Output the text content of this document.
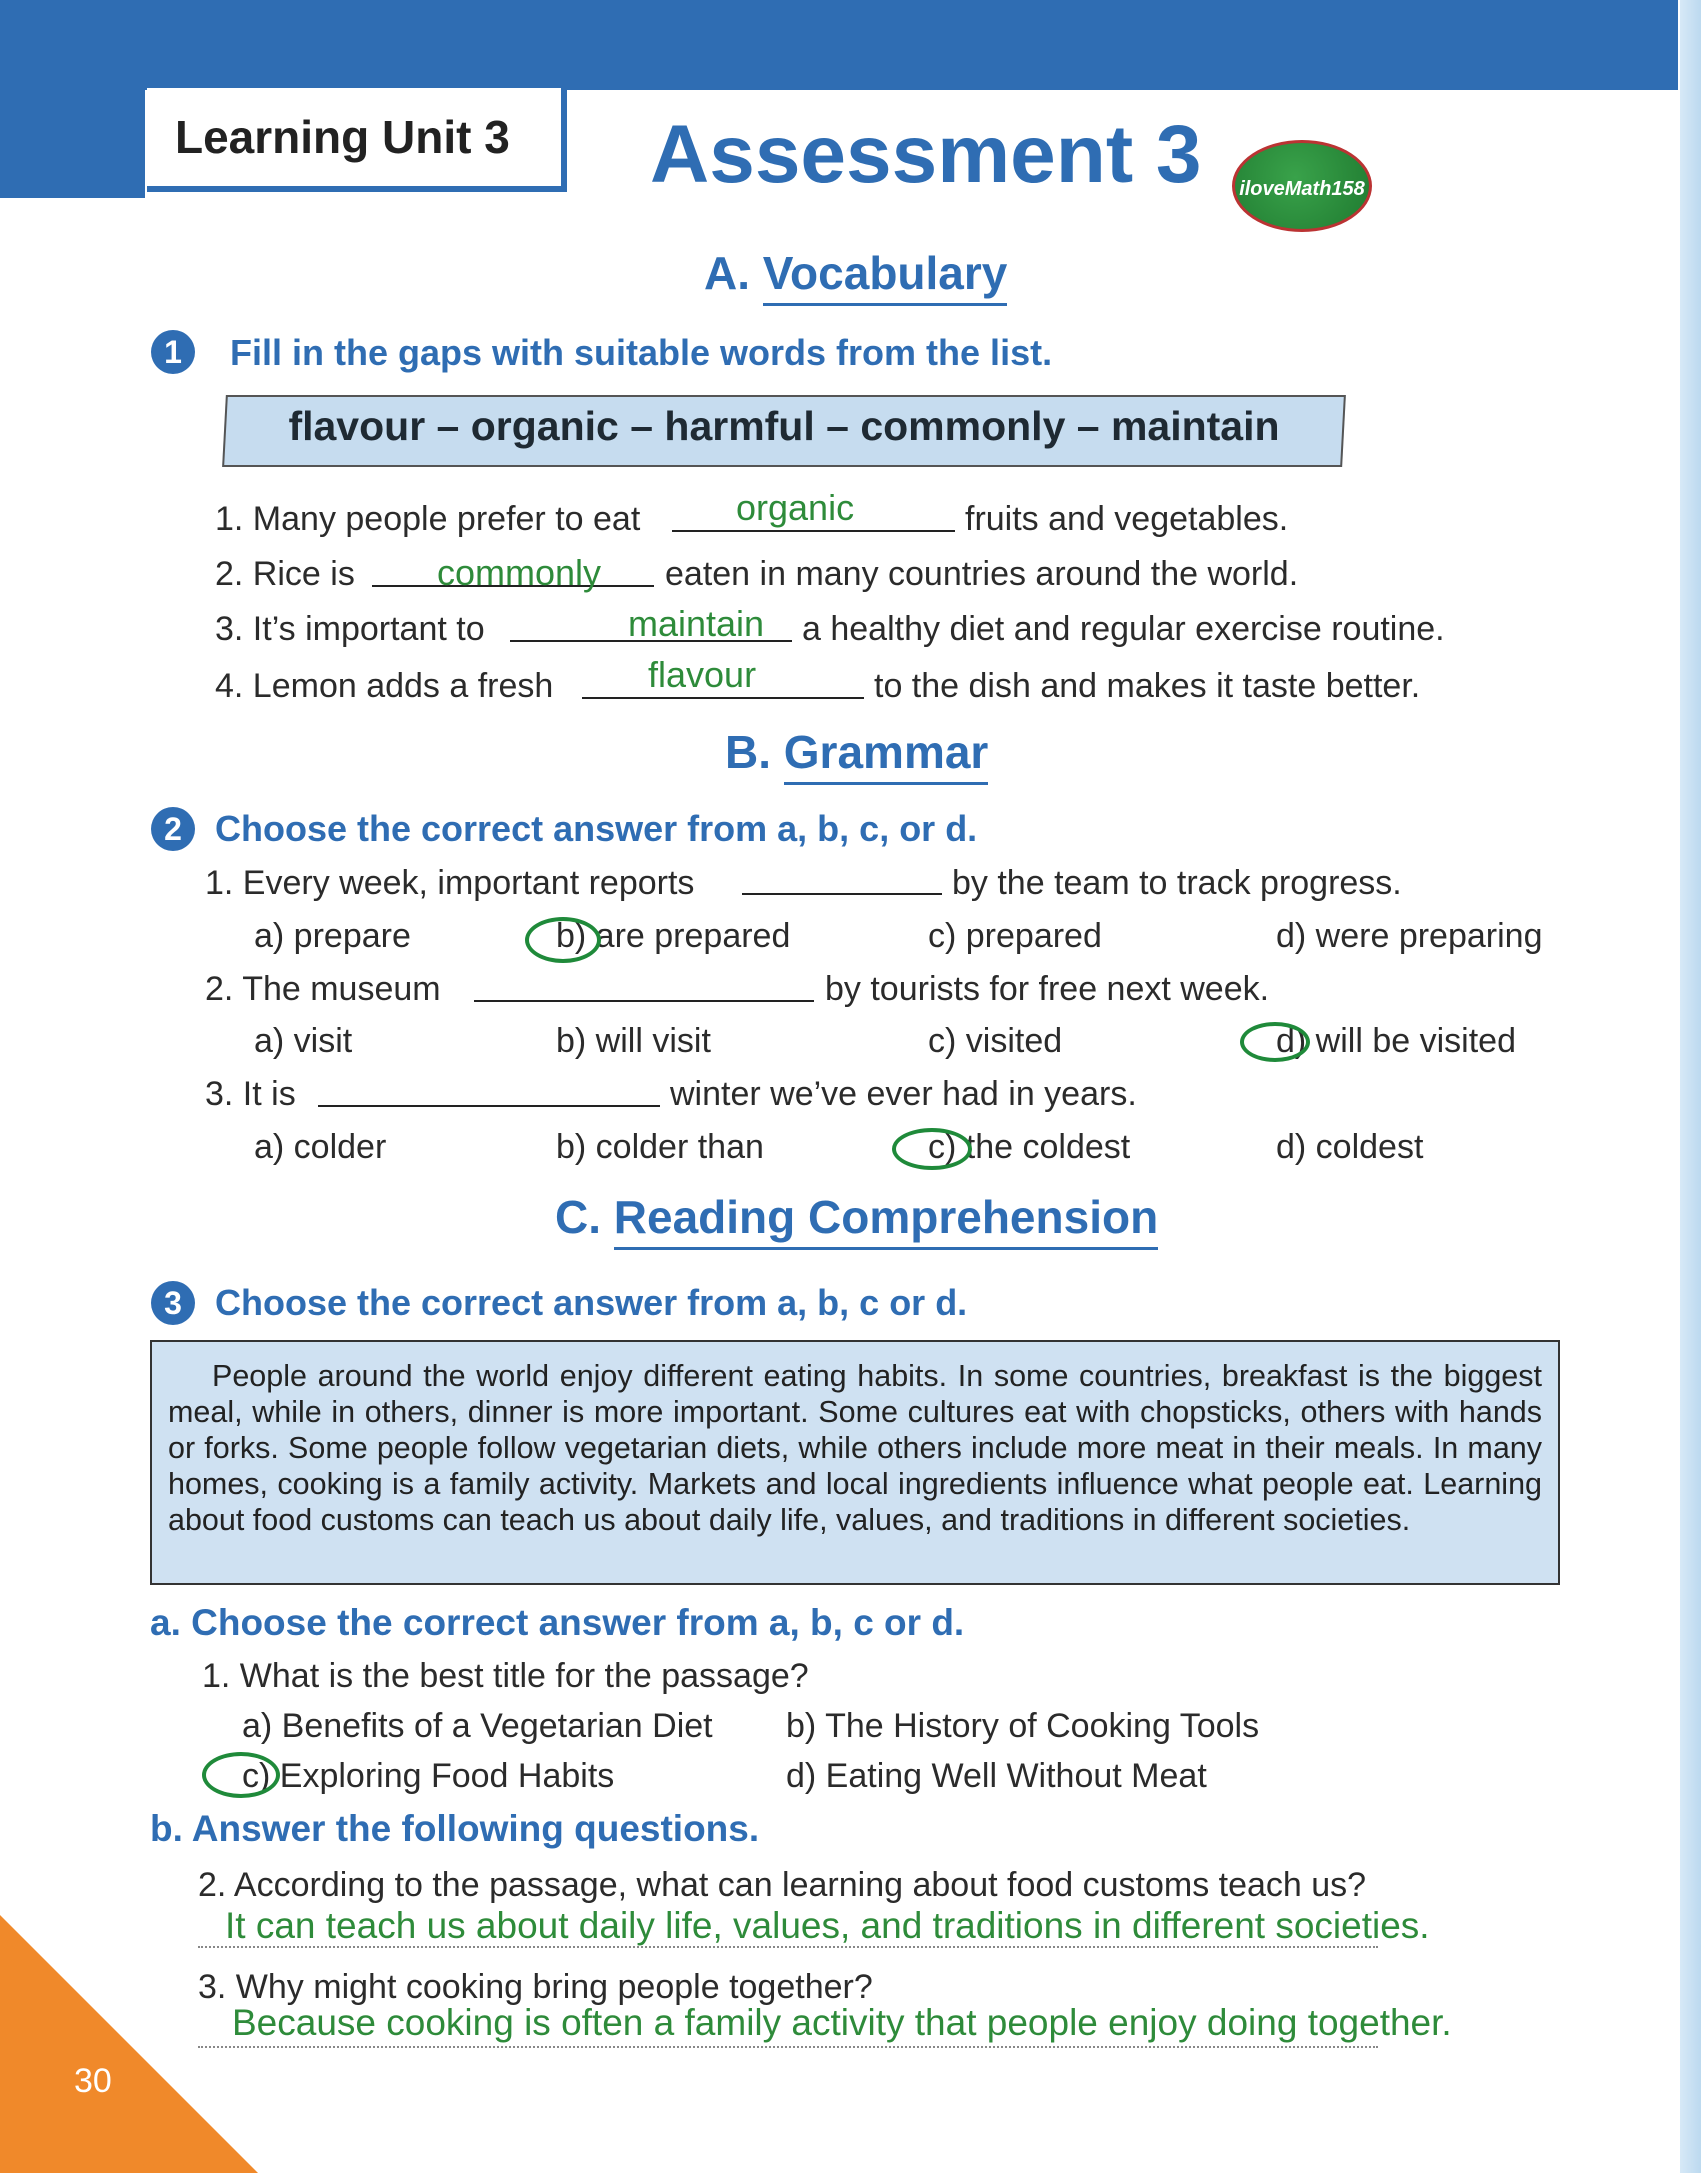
Learning Unit 3 Assessment 3	iloveMath158
A. Vocabulary
1	Fill in the gaps with suitable words from the list.
flavour – organic – harmful – commonly – maintain
1. Many people prefer to eat	organic	fruits and vegetables.
2. Rice is commonly eaten in many countries around the world.
3. It’s important to	maintain a healthy diet and regular exercise routine.
4. Lemon adds a fresh	flavour	to the dish and makes it taste better.
B. Grammar
2 Choose the correct answer from a, b, c, or d.
1. Every week, important reports	by the team to track progress.
a) prepare	b) are prepared	c) prepared	d) were preparing
2. The museum	by tourists for free next week.
a) visit	b) will visit	c) visited	d) will be visited
3. It is	winter we’ve ever had in years.
a) colder	b) colder than	c) the coldest	d) coldest
C. Reading Comprehension
3 Choose the correct answer from a, b, c or d.

People around the world enjoy different eating habits. In some countries, breakfast is the biggest meal, while in others, dinner is more important. Some cultures eat with chopsticks, others with hands or forks. Some people follow vegetarian diets, while others include more meat in their meals. In many homes, cooking is a family activity. Markets and local ingredients influence what people eat. Learning about food customs can teach us about daily life, values, and traditions in different societies.

a. Choose the correct answer from a, b, c or d.
1. What is the best title for the passage?
a) Benefits of a Vegetarian Diet b) The History of Cooking Tools
c) Exploring Food Habits	d) Eating Well Without Meat
b. Answer the following questions.
2. According to the passage, what can learning about food customs teach us?
It can teach us about daily life, values, and traditions in different societies.
3. Why might cooking bring people together?
Because cooking is often a family activity that people enjoy doing together.
30
